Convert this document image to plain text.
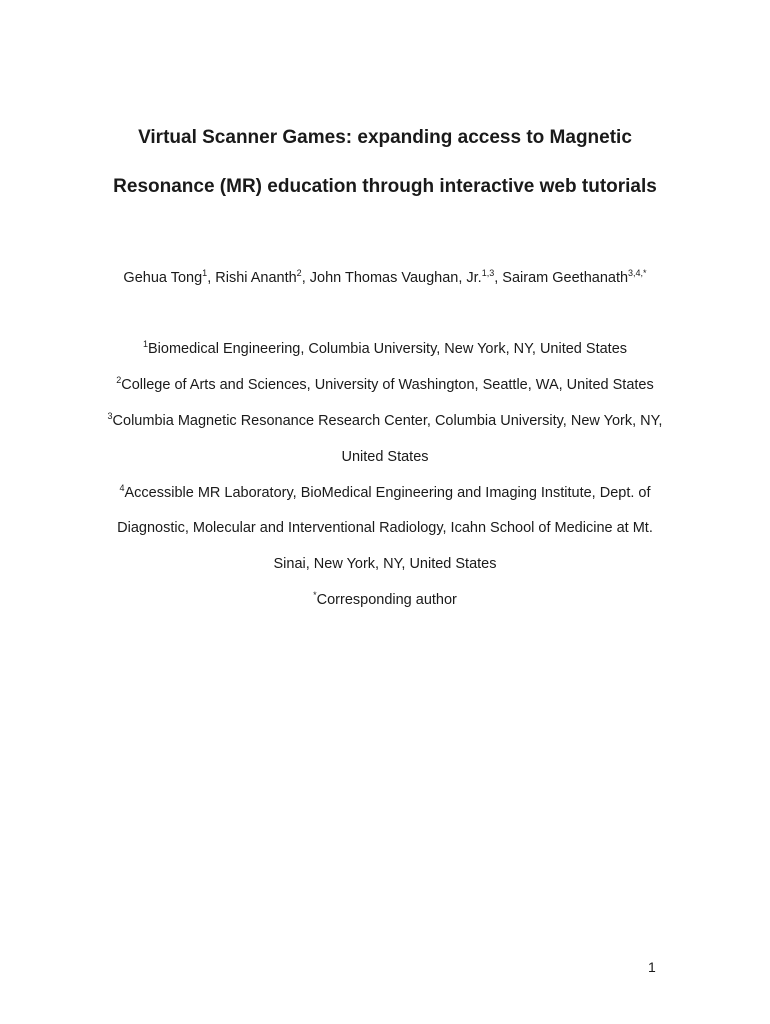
Virtual Scanner Games: expanding access to Magnetic
Resonance (MR) education through interactive web tutorials
Gehua Tong$^1$, Rishi Ananth$^2$, John Thomas Vaughan, Jr.$^{1,3}$, Sairam Geethanath$^{3,4,*}$
$^1$Biomedical Engineering, Columbia University, New York, NY, United States
$^2$College of Arts and Sciences, University of Washington, Seattle, WA, United States
$^3$Columbia Magnetic Resonance Research Center, Columbia University, New York, NY,
United States
$^4$Accessible MR Laboratory, BioMedical Engineering and Imaging Institute, Dept. of
Diagnostic, Molecular and Interventional Radiology, Icahn School of Medicine at Mt.
Sinai, New York, NY, United States
*Corresponding author
1
